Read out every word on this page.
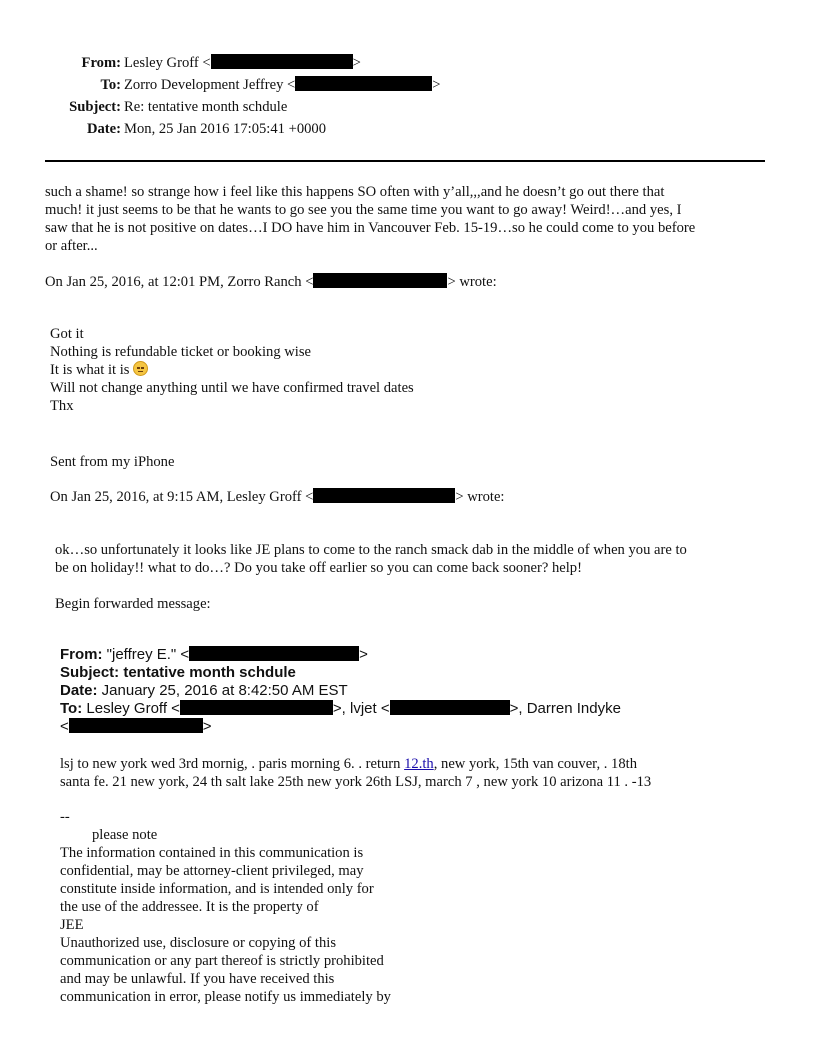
From: Lesley Groff <	>
To: Zorro Development Jeffrey <	>
Subject: Re: tentative month schdule
Date: Mon, 25 Jan 2016 17:05:41 +0000
such a shame! so strange how i feel like this happens SO often with y’all,,,and he doesn’t go out there that
much! it just seems to be that he wants to go see you the same time you want to go away! Weird!…and yes, I
saw that he is not positive on dates…I DO have him in Vancouver Feb. 15-19…so he could come to you before
or after...
On Jan 25, 2016, at 12:01 PM, Zorro Ranch <	> wrote:
Got it
Nothing is refundable ticket or booking wise
It is what it is
Will not change anything until we have confirmed travel dates
Thx
Sent from my iPhone
On Jan 25, 2016, at 9:15 AM, Lesley Groff <	> wrote:
ok…so unfortunately it looks like JE plans to come to the ranch smack dab in the middle of when you are to
be on holiday!! what to do…? Do you take off earlier so you can come back sooner? help!
Begin forwarded message:
From: "jeffrey E." <	>
Subject: tentative month schdule
Date: January 25, 2016 at 8:42:50 AM EST
To: Lesley Groff <	>, lvjet <	>, Darren Indyke
<	>
lsj to new york wed 3rd mornig, . paris morning 6. . return 12.th, new york, 15th van couver, . 18th
santa fe. 21 new york, 24 th salt lake 25th new york 26th LSJ, march 7 , new york 10 arizona 11 . -13
--
please note
The information contained in this communication is
confidential, may be attorney-client privileged, may
constitute inside information, and is intended only for
the use of the addressee. It is the property of
JEE
Unauthorized use, disclosure or copying of this
communication or any part thereof is strictly prohibited
and may be unlawful. If you have received this
communication in error, please notify us immediately by
